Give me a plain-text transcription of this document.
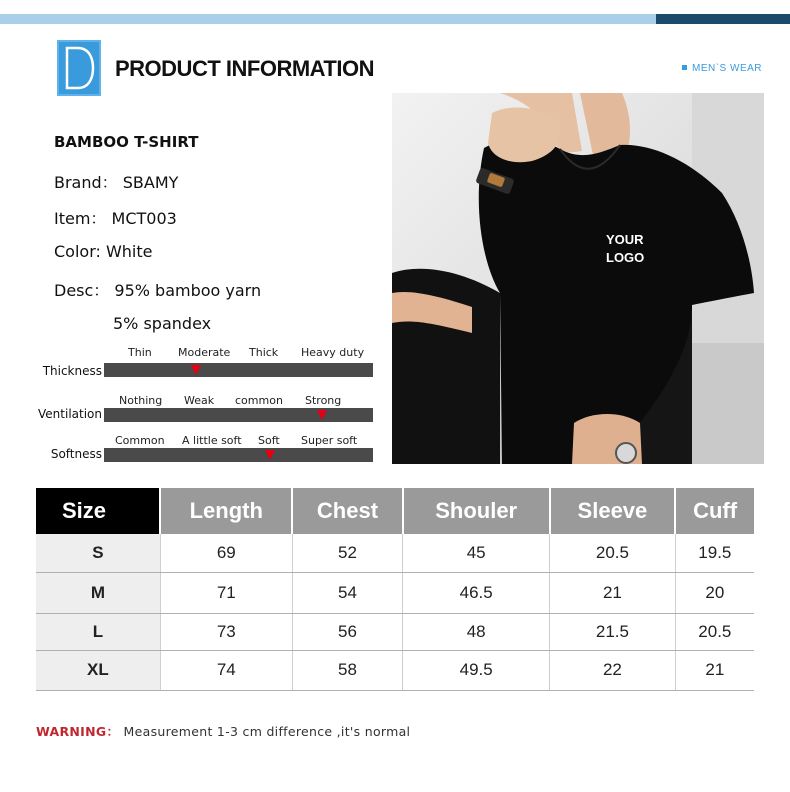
PRODUCT INFORMATION	MEN`S WEAR
BAMBOO T-SHIRT
Brand： SBAMY
Item： MCT003
Color: White
Desc： 95% bamboo yarn
5% spandex
Thickness
Thin Moderate Thick Heavy duty
Ventilation
Nothing Weak common Strong
Softness
Common A little soft Soft Super soft
YOUR
LOGO
Size	Length	Chest	Shouler	Sleeve	Cuff
S	69	52	45	20.5	19.5
M	71	54	46.5	21	20
L	73	56	48	21.5	20.5
XL	74	58	49.5	22	21
WARNING： Measurement 1-3 cm difference ,it's normal
